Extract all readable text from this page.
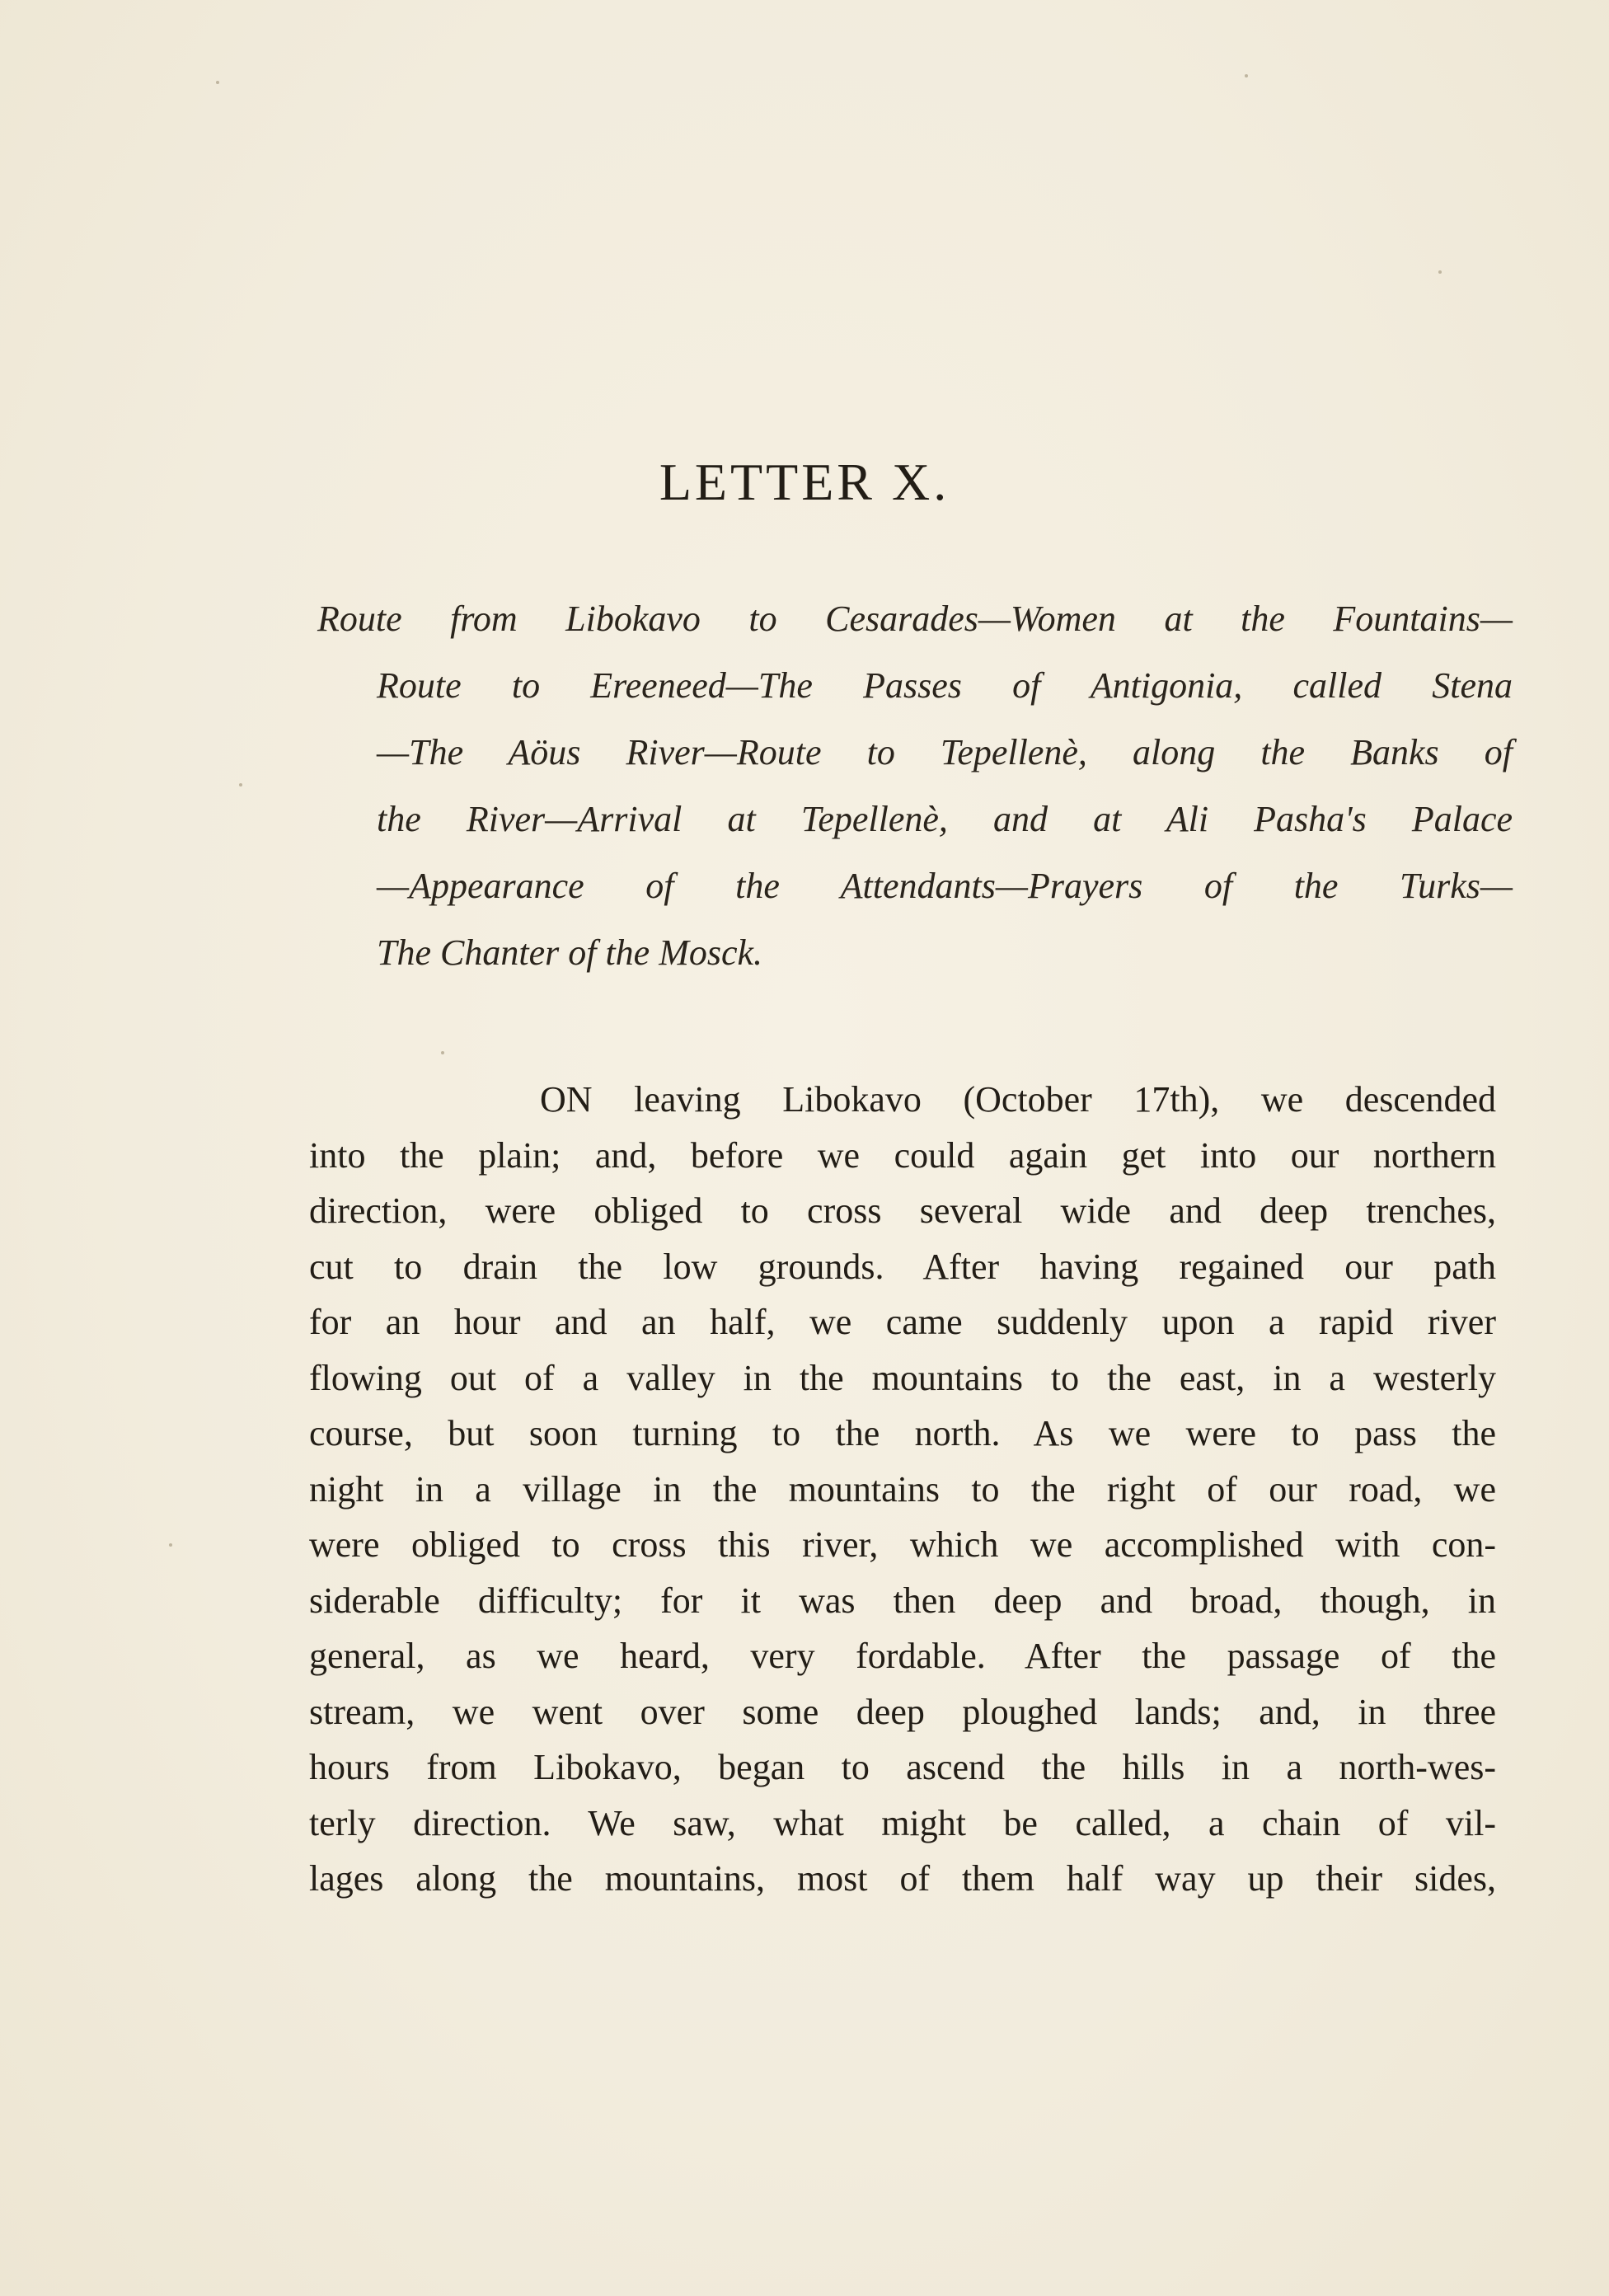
LETTER X.
Route from Libokavo to Cesarades—Women at the Fountains—
Route to Ereeneed—The Passes of Antigonia, called Stena
—The Aöus River—Route to Tepellenè, along the Banks of
the River—Arrival at Tepellenè, and at Ali Pasha's Palace
—Appearance of the Attendants—Prayers of the Turks—
The Chanter of the Mosck.
ON leaving Libokavo (October 17th), we descended
into the plain; and, before we could again get into our northern
direction, were obliged to cross several wide and deep trenches,
cut to drain the low grounds. After having regained our path
for an hour and an half, we came suddenly upon a rapid river
flowing out of a valley in the mountains to the east, in a westerly
course, but soon turning to the north. As we were to pass the
night in a village in the mountains to the right of our road, we
were obliged to cross this river, which we accomplished with con-
siderable difficulty; for it was then deep and broad, though, in
general, as we heard, very fordable. After the passage of the
stream, we went over some deep ploughed lands; and, in three
hours from Libokavo, began to ascend the hills in a north-wes-
terly direction. We saw, what might be called, a chain of vil-
lages along the mountains, most of them half way up their sides,
